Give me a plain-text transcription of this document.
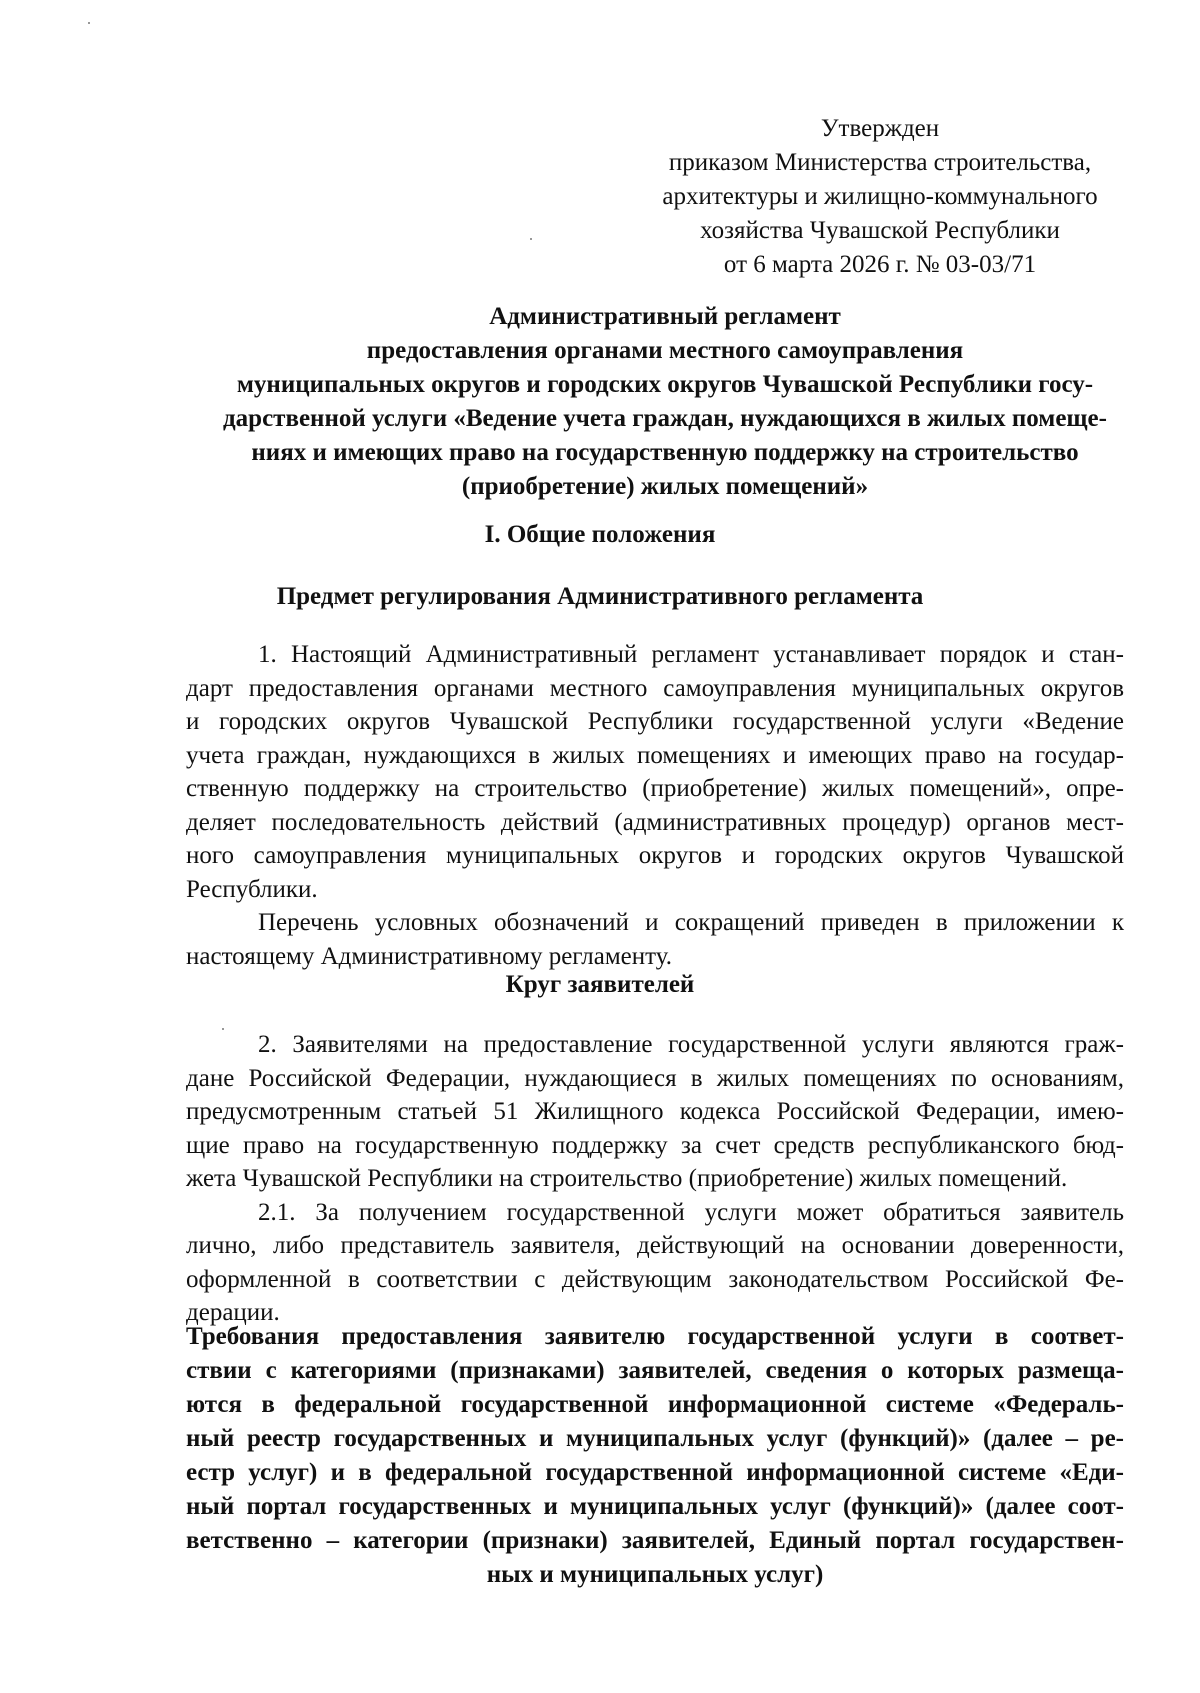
Утвержден
приказом Министерства строительства,
архитектуры и жилищно-коммунального
хозяйства Чувашской Республики
от 6 марта 2026 г. № 03-03/71
Административный регламент
предоставления органами местного самоуправления
муниципальных округов и городских округов Чувашской Республики госу-
дарственной услуги «Ведение учета граждан, нуждающихся в жилых помеще-
ниях и имеющих право на государственную поддержку на строительство
(приобретение) жилых помещений»
I. Общие положения
Предмет регулирования Административного регламента
1. Настоящий Административный регламент устанавливает порядок и стан-
дарт предоставления органами местного самоуправления муниципальных округов
и городских округов Чувашской Республики государственной услуги «Ведение
учета граждан, нуждающихся в жилых помещениях и имеющих право на государ-
ственную поддержку на строительство (приобретение) жилых помещений», опре-
деляет последовательность действий (административных процедур) органов мест-
ного самоуправления муниципальных округов и городских округов Чувашской
Республики.
Перечень условных обозначений и сокращений приведен в приложении к
настоящему Административному регламенту.
Круг заявителей
2. Заявителями на предоставление государственной услуги являются граж-
дане Российской Федерации, нуждающиеся в жилых помещениях по основаниям,
предусмотренным статьей 51 Жилищного кодекса Российской Федерации, имею-
щие право на государственную поддержку за счет средств республиканского бюд-
жета Чувашской Республики на строительство (приобретение) жилых помещений.
2.1. За получением государственной услуги может обратиться заявитель
лично, либо представитель заявителя, действующий на основании доверенности,
оформленной в соответствии с действующим законодательством Российской Фе-
дерации.
Требования предоставления заявителю государственной услуги в соответ-
ствии с категориями (признаками) заявителей, сведения о которых размеща-
ются в федеральной государственной информационной системе «Федераль-
ный реестр государственных и муниципальных услуг (функций)» (далее – ре-
естр услуг) и в федеральной государственной информационной системе «Еди-
ный портал государственных и муниципальных услуг (функций)» (далее соот-
ветственно – категории (признаки) заявителей, Единый портал государствен-
ных и муниципальных услуг)
